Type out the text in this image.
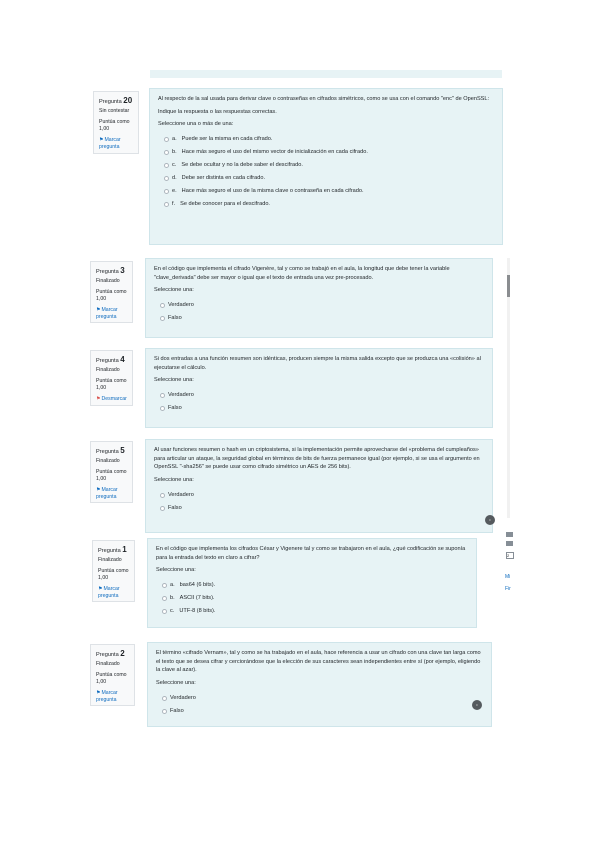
Pregunta 20
Sin contestar
Puntúa como 1,00
⚑Marcar pregunta

Al respecto de la sal usada para derivar clave o contraseñas en cifrados simétricos, como se usa con el comando "enc" de OpenSSL:

Indique la respuesta o las respuestas correctas.

Seleccione una o más de una:

a. Puede ser la misma en cada cifrado.
b. Hace más seguro el uso del mismo vector de inicialización en cada cifrado.
c. Se debe ocultar y no la debe saber el descifrado.
d. Debe ser distinta en cada cifrado.
e. Hace más seguro el uso de la misma clave o contraseña en cada cifrado.
f. Se debe conocer para el descifrado.
Pregunta 3
Finalizado
Puntúa como 1,00
⚑Marcar pregunta

En el código que implementa el cifrado Vigenère, tal y como se trabajó en el aula, la longitud que debe tener la variable "clave_derivada" debe ser mayor o igual que el texto de entrada una vez pre-procesado.

Seleccione una:

Verdadero
Falso
Pregunta 4
Finalizado
Puntúa como 1,00
⚑Desmarcar

Si dos entradas a una función resumen son idénticas, producen siempre la misma salida excepto que se produzca una «colisión» al ejecutarse el cálculo.

Seleccione una:

Verdadero
Falso
Pregunta 5
Finalizado
Puntúa como 1,00
⚑Marcar pregunta

Al usar funciones resumen o hash en un criptosistema, si la implementación permite aprovecharse del «problema del cumpleaños» para articular un ataque, la seguridad global en términos de bits de fuerza permanece igual (por ejemplo, si se usa el argumento en OpenSSL "-sha256" se puede usar como cifrado simétrico un AES de 256 bits).

Seleccione una:

Verdadero
Falso
•
Pregunta 1
Finalizado
Puntúa como 1,00
⚑Marcar pregunta

En el código que implementa los cifrados César y Vigenere tal y como se trabajaron en el aula, ¿qué codificación se suponía para la entrada del texto en claro a cifrar?

Seleccione una:

a. bas64 (6 bits).
b. ASCII (7 bits).
c. UTF-8 (8 bits).
Pregunta 2
Finalizado
Puntúa como 1,00
⚑Marcar pregunta

El término «cifrado Vernam», tal y como se ha trabajado en el aula, hace referencia a usar un cifrado con una clave tan larga como el texto que se desea cifrar y cerciorándose que la elección de sus caracteres sean independientes entre sí (por ejemplo, eligiendo la clave al azar).

Seleccione una:

Verdadero
Falso
•
2
Mi
Fir
